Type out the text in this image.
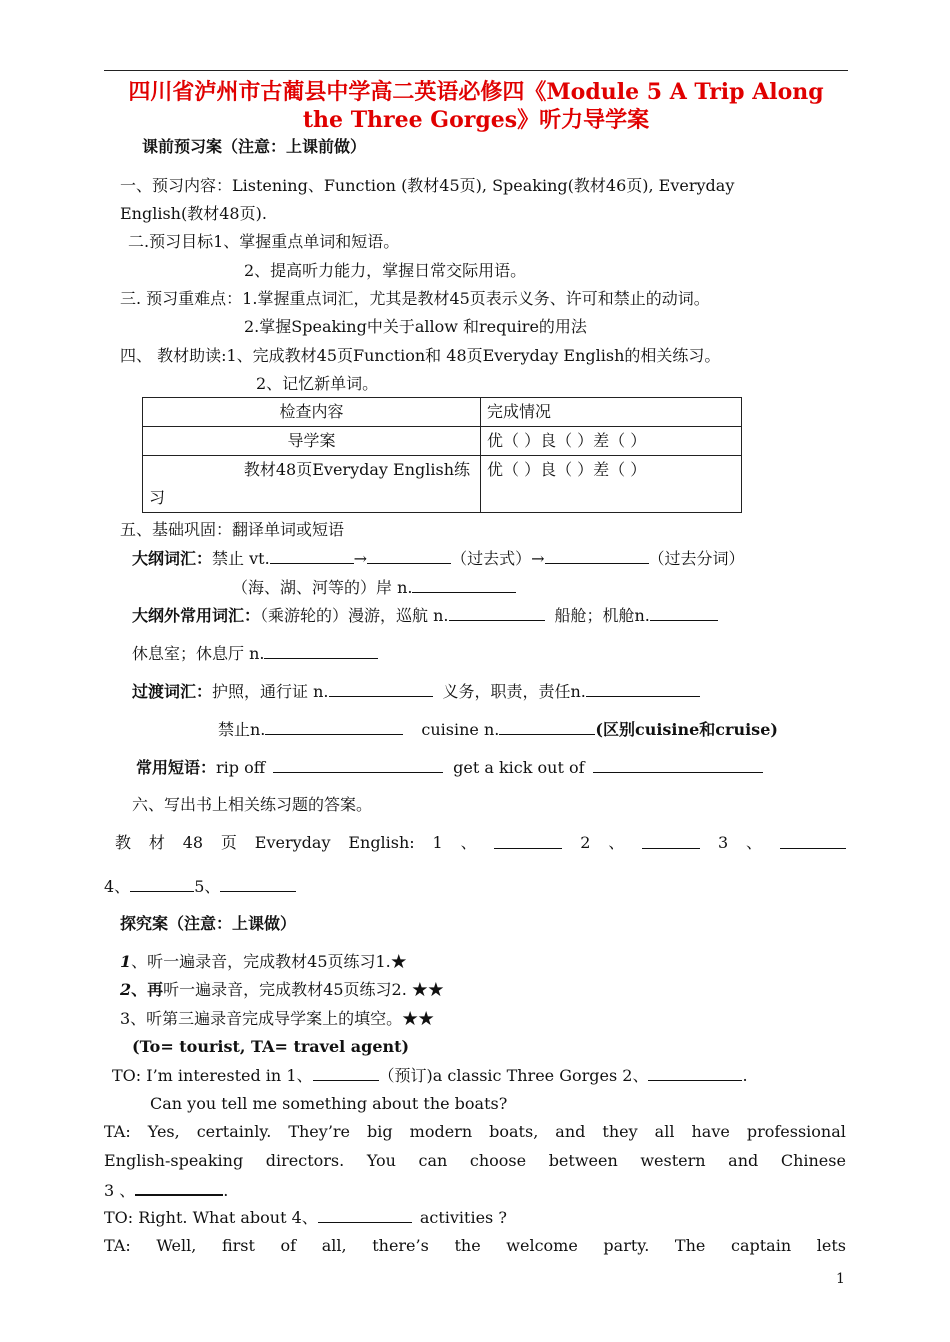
四川省泸州市古蔺县中学高二英语必修四《Module 5 A Trip Along
the Three Gorges》听力导学案
课前预习案（注意：上课前做）
一、预习内容：Listening、Function (教材45页), Speaking(教材46页), Everyday
English(教材48页).
二.预习目标1、掌握重点单词和短语。
2、提高听力能力，掌握日常交际用语。
三. 预习重难点：1.掌握重点词汇，尤其是教材45页表示义务、许可和禁止的动词。
2.掌握Speaking中关于allow 和require的用法
四、 教材助读:1、完成教材45页Function和 48页Everyday English的相关练习。
2、记忆新单词。
检查内容	完成情况
导学案	优（ ）良（ ）差（ ）

教材48页Everyday English练
习	优（ ）良（ ）差（ ）
五、基础巩固：翻译单词或短语
大纲词汇：禁止 vt.	→	（过去式）→	（过去分词）
（海、湖、河等的）岸 n.
大纲外常用词汇：（乘游轮的）漫游，巡航 n.	船舱；机舱n.
休息室；休息厅 n.
过渡词汇：护照，通行证 n.	义务，职责，责任n.
禁止n.	cuisine n.	(区别cuisine和cruise)
常用短语：rip off	get a kick out of
六、写出书上相关练习题的答案。
教 材 48 页 Everyday English: 1 、	2 、	3 、
4、	5、
探究案（注意：上课做）
1、听一遍录音，完成教材45页练习1.★
2、再听一遍录音，完成教材45页练习2. ★★
3、听第三遍录音完成导学案上的填空。★★
(To= tourist, TA= travel agent)
TO: I’m interested in 1、	（预订)a classic Three Gorges 2、	.
Can you tell me something about the boats?
TA: Yes, certainly. They’re big modern boats, and they all have professional
English-speaking directors. You can choose between western and Chinese
3 、	.
TO: Right. What about 4、	activities ?
TA: Well, first of all, there’s the welcome party. The captain lets
1
